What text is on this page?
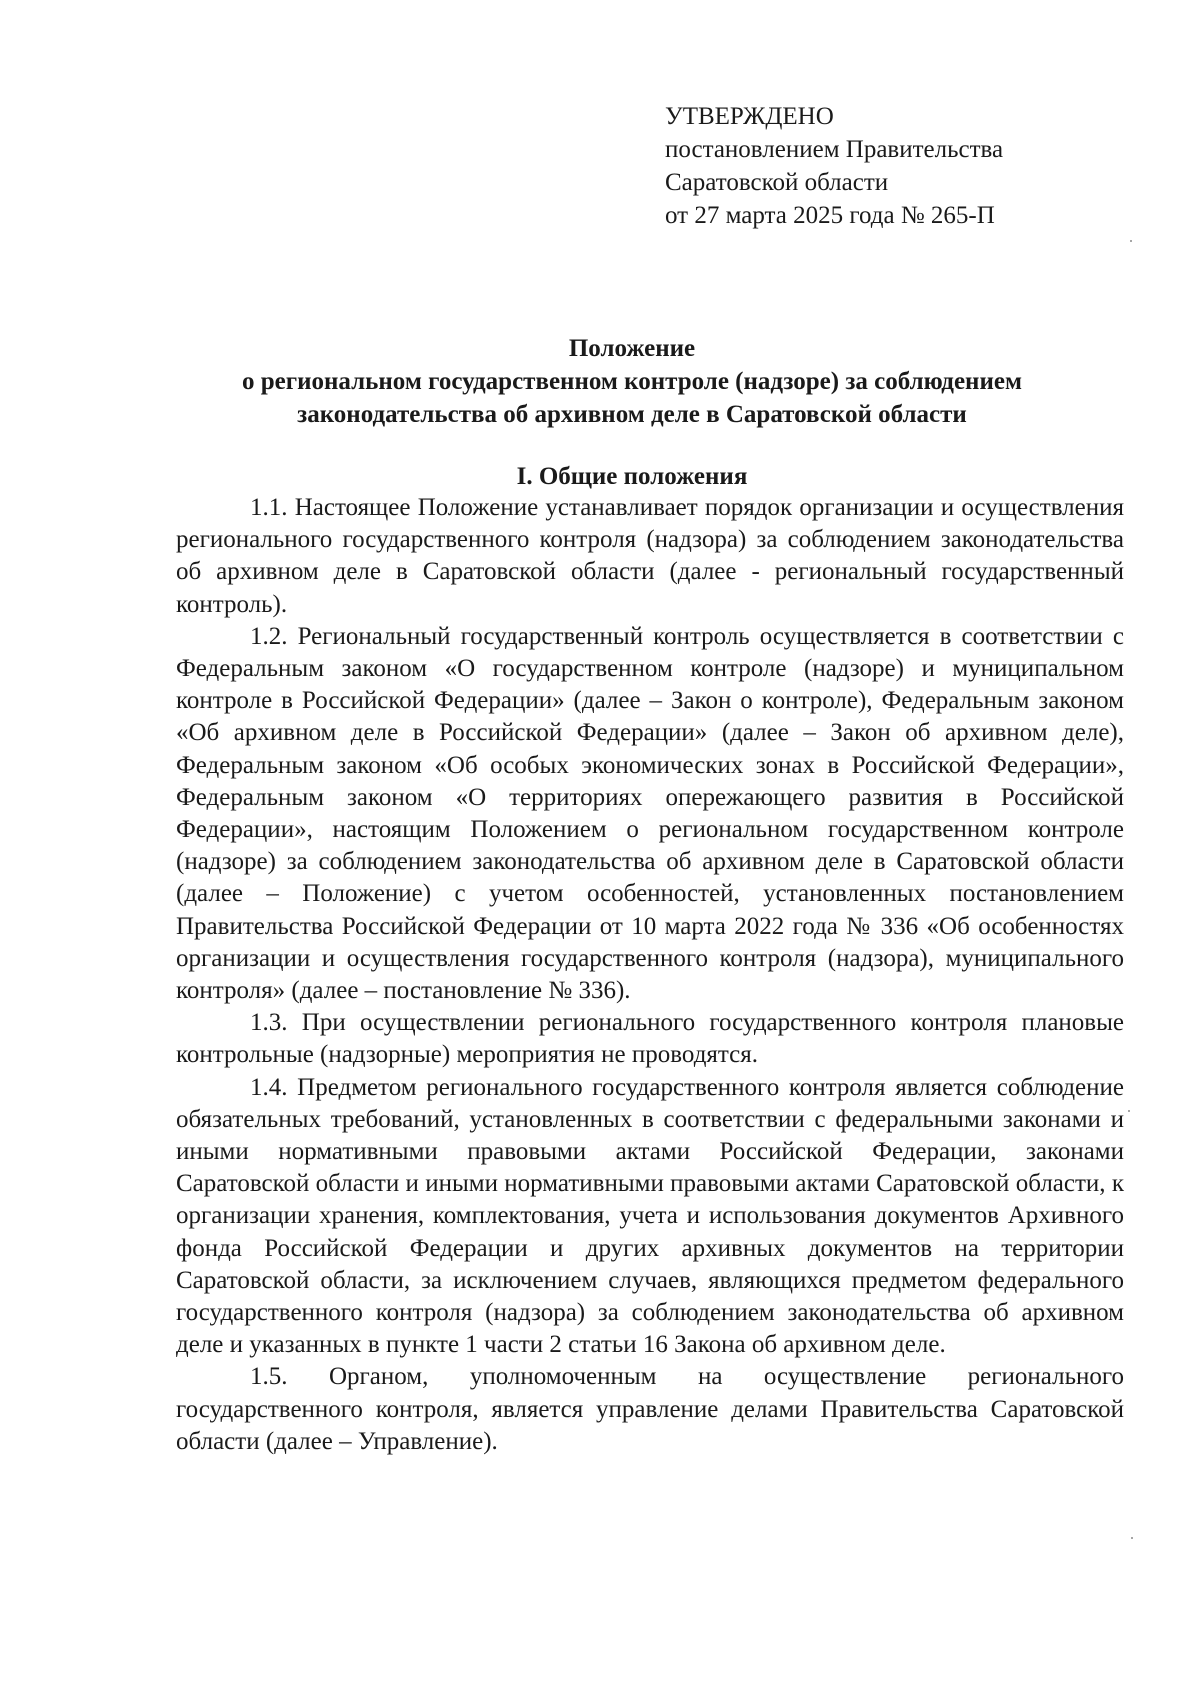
УТВЕРЖДЕНО
постановлением Правительства
Саратовской области
от 27 марта 2025 года № 265-П
Положение
о региональном государственном контроле (надзоре) за соблюдением
законодательства об архивном деле в Саратовской области
I. Общие положения

1.1. Настоящее Положение устанавливает порядок организации и осуществления регионального государственного контроля (надзора) за соблюдением законодательства об архивном деле в Саратовской области (далее - региональный государственный контроль).

1.2. Региональный государственный контроль осуществляется в соответствии с Федеральным законом «О государственном контроле (надзоре) и муниципальном контроле в Российской Федерации» (далее – Закон о контроле), Федеральным законом «Об архивном деле в Российской Федерации» (далее – Закон об архивном деле), Федеральным законом «Об особых экономических зонах в Российской Федерации», Федеральным законом «О территориях опережающего развития в Российской Федерации», настоящим Положением о региональном государственном контроле (надзоре) за соблюдением законодательства об архивном деле в Саратовской области (далее – Положение) с учетом особенностей, установленных постановлением Правительства Российской Федерации от 10 марта 2022 года № 336 «Об особенностях организации и осуществления государственного контроля (надзора), муниципального контроля» (далее – постановление № 336).

1.3. При осуществлении регионального государственного контроля плановые контрольные (надзорные) мероприятия не проводятся.

1.4. Предметом регионального государственного контроля является соблюдение обязательных требований, установленных в соответствии с федеральными законами и иными нормативными правовыми актами Российской Федерации, законами Саратовской области и иными нормативными правовыми актами Саратовской области, к организации хранения, комплектования, учета и использования документов Архивного фонда Российской Федерации и других архивных документов на территории Саратовской области, за исключением случаев, являющихся предметом федерального государственного контроля (надзора) за соблюдением законодательства об архивном деле и указанных в пункте 1 части 2 статьи 16 Закона об архивном деле.

1.5. Органом, уполномоченным на осуществление регионального государственного контроля, является управление делами Правительства Саратовской области (далее – Управление).
